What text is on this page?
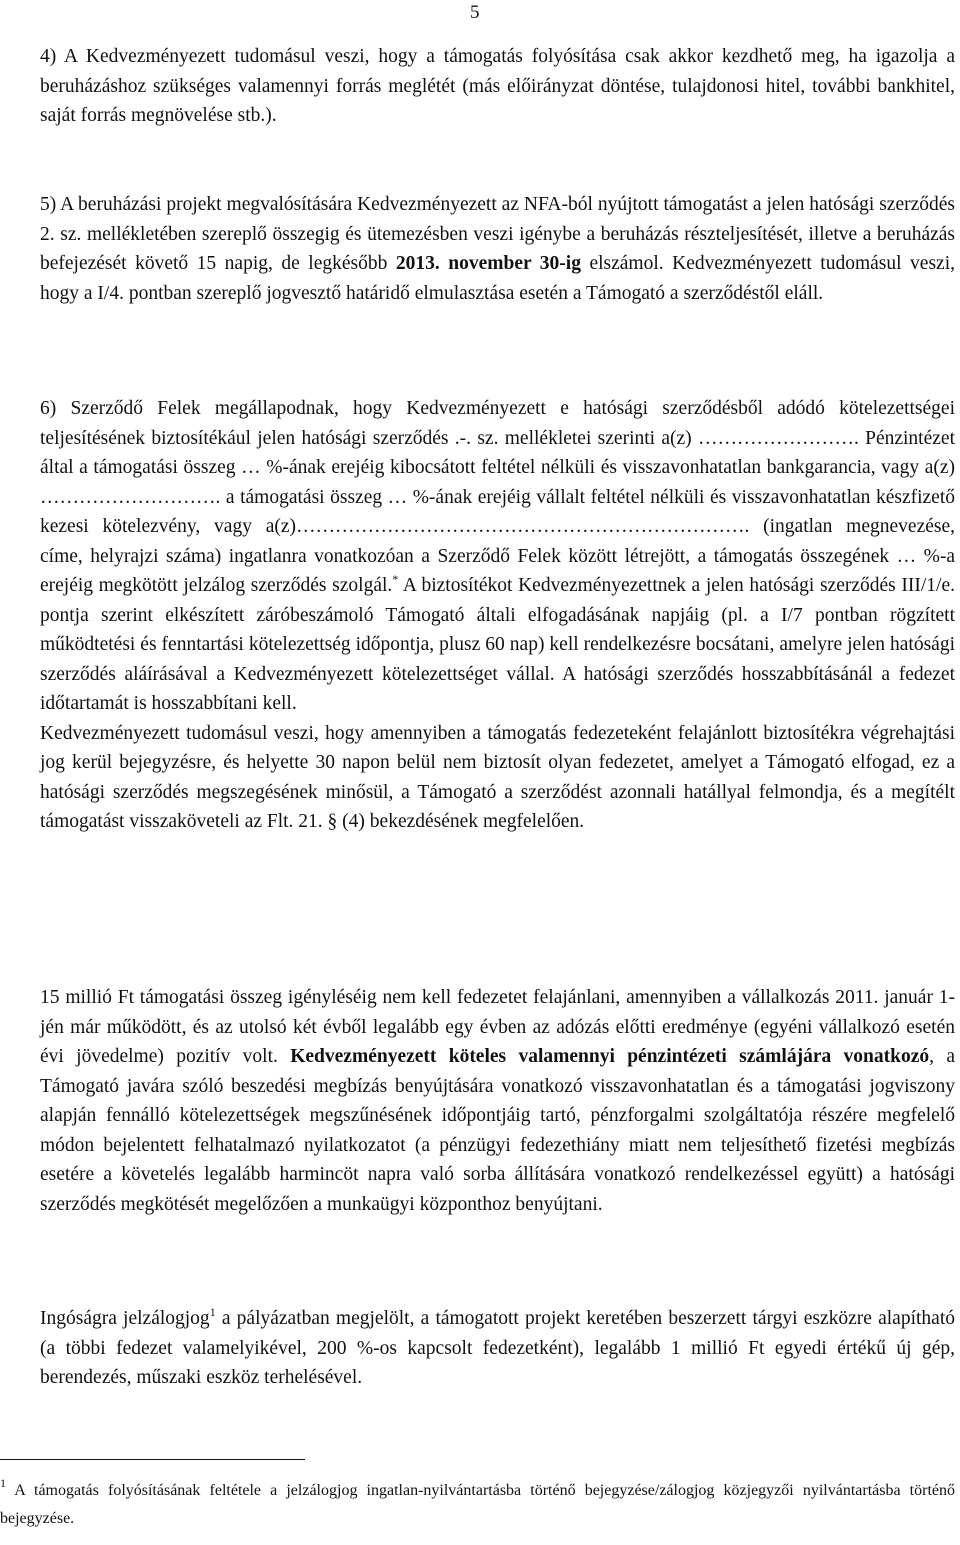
5

4) A Kedvezményezett tudomásul veszi, hogy a támogatás folyósítása csak akkor kezdhető meg, ha igazolja a beruházáshoz szükséges valamennyi forrás meglétét (más előirányzat döntése, tulajdonosi hitel, további bankhitel, saját forrás megnövelése stb.).

5) A beruházási projekt megvalósítására Kedvezményezett az NFA-ból nyújtott támogatást a jelen hatósági szerződés 2. sz. mellékletében szereplő összegig és ütemezésben veszi igénybe a beruházás részteljesítését, illetve a beruházás befejezését követő 15 napig, de legkésőbb 2013. november 30-ig elszámol. Kedvezményezett tudomásul veszi, hogy a I/4. pontban szereplő jogvesztő határidő elmulasztása esetén a Támogató a szerződéstől eláll.

6) Szerződő Felek megállapodnak, hogy Kedvezményezett e hatósági szerződésből adódó kötelezettségei teljesítésének biztosítékául jelen hatósági szerződés .-. sz. mellékletei szerinti a(z) ……………………. Pénzintézet által a támogatási összeg … %-ának erejéig kibocsátott feltétel nélküli és visszavonhatatlan bankgarancia, vagy a(z) ………………………. a támogatási összeg … %-ának erejéig vállalt feltétel nélküli és visszavonhatatlan készfizető kezesi kötelezvény, vagy a(z)……………………………………………………………. (ingatlan megnevezése, címe, helyrajzi száma) ingatlanra vonatkozóan a Szerződő Felek között létrejött, a támogatás összegének … %-a erejéig megkötött jelzálog szerződés szolgál.* A biztosítékot Kedvezményezettnek a jelen hatósági szerződés III/1/e. pontja szerint elkészített záróbeszámoló Támogató általi elfogadásának napjáig (pl. a I/7 pontban rögzített működtetési és fenntartási kötelezettség időpontja, plusz 60 nap) kell rendelkezésre bocsátani, amelyre jelen hatósági szerződés aláírásával a Kedvezményezett kötelezettséget vállal. A hatósági szerződés hosszabbításánál a fedezet időtartamát is hosszabbítani kell.
Kedvezményezett tudomásul veszi, hogy amennyiben a támogatás fedezeteként felajánlott biztosítékra végrehajtási jog kerül bejegyzésre, és helyette 30 napon belül nem biztosít olyan fedezetet, amelyet a Támogató elfogad, ez a hatósági szerződés megszegésének minősül, a Támogató a szerződést azonnali hatállyal felmondja, és a megítélt támogatást visszaköveteli az Flt. 21. § (4) bekezdésének megfelelően.

15 millió Ft támogatási összeg igényléséig nem kell fedezetet felajánlani, amennyiben a vállalkozás 2011. január 1-jén már működött, és az utolsó két évből legalább egy évben az adózás előtti eredménye (egyéni vállalkozó esetén évi jövedelme) pozitív volt. Kedvezményezett köteles valamennyi pénzintézeti számlájára vonatkozó, a Támogató javára szóló beszedési megbízás benyújtására vonatkozó visszavonhatatlan és a támogatási jogviszony alapján fennálló kötelezettségek megszűnésének időpontjáig tartó, pénzforgalmi szolgáltatója részére megfelelő módon bejelentett felhatalmazó nyilatkozatot (a pénzügyi fedezethiány miatt nem teljesíthető fizetési megbízás esetére a követelés legalább harmincöt napra való sorba állítására vonatkozó rendelkezéssel együtt) a hatósági szerződés megkötését megelőzően a munkaügyi központhoz benyújtani.

Ingóságra jelzálogjog$^1$ a pályázatban megjelölt, a támogatott projekt keretében beszerzett tárgyi eszközre alapítható (a többi fedezet valamelyikével, 200 %-os kapcsolt fedezetként), legalább 1 millió Ft egyedi értékű új gép, berendezés, műszaki eszköz terhelésével.

$^1$ A támogatás folyósításának feltétele a jelzálogjog ingatlan-nyilvántartásba történő bejegyzése/zálogjog közjegyzői nyilvántartásba történő bejegyzése.
